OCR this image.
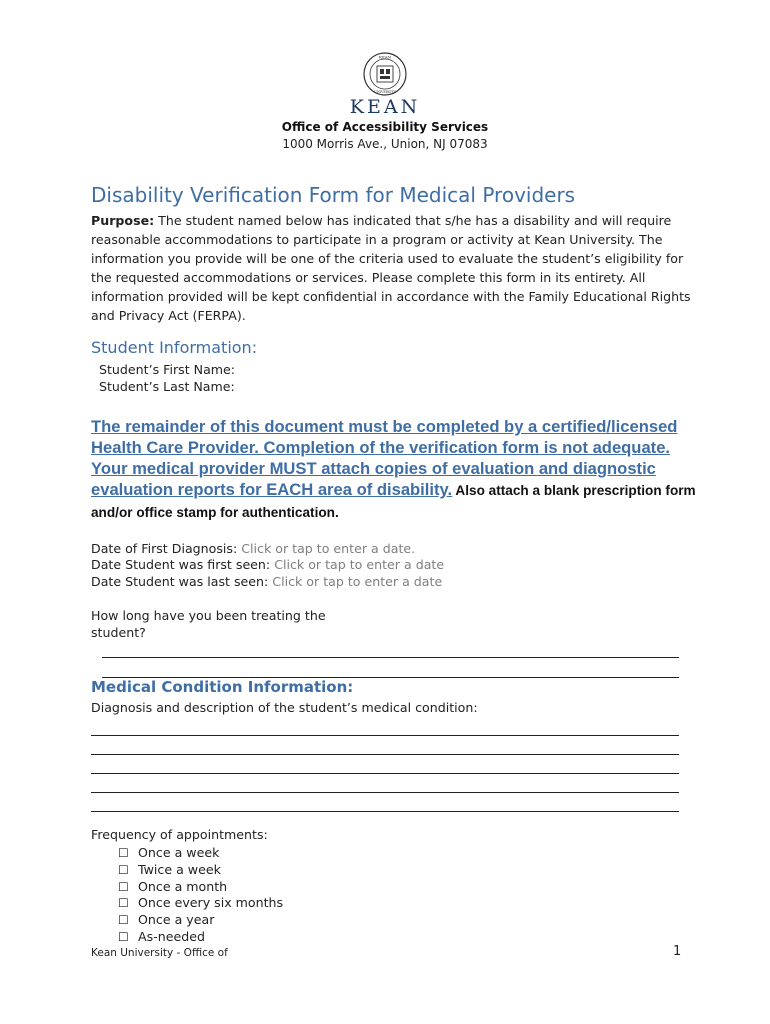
KEAN
UNIVERSITY
KEAN
Office of Accessibility Services
1000 Morris Ave., Union, NJ 07083
Disability Verification Form for Medical Providers
Purpose: The student named below has indicated that s/he has a disability and will require reasonable accommodations to participate in a program or activity at Kean University. The information you provide will be one of the criteria used to evaluate the student’s eligibility for the requested accommodations or services. Please complete this form in its entirety. All information provided will be kept confidential in accordance with the Family Educational Rights and Privacy Act (FERPA).
Student Information:
Student’s First Name:
Student’s Last Name:
The remainder of this document must be completed by a certified/licensed Health Care Provider. Completion of the verification form is not adequate. Your medical provider MUST attach copies of evaluation and diagnostic evaluation reports for EACH area of disability. Also attach a blank prescription form and/or office stamp for authentication.
Date of First Diagnosis: Click or tap to enter a date.
Date Student was first seen: Click or tap to enter a date
Date Student was last seen: Click or tap to enter a date
How long have you been treating the student?
Medical Condition Information:
Diagnosis and description of the student’s medical condition:
Frequency of appointments:
☐ Once a week
☐ Twice a week
☐ Once a month
☐ Once every six months
☐ Once a year
☐ As-needed
Kean University - Office of	1
